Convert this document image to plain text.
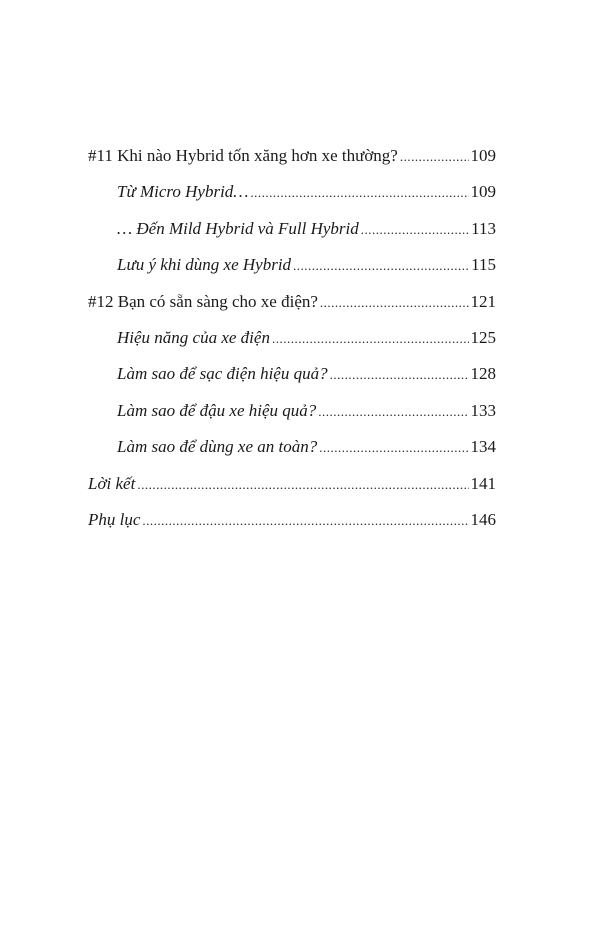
#11 Khi nào Hybrid tốn xăng hơn xe thường? .....	109
Từ Micro Hybrid… .....	109
… Đến Mild Hybrid và Full Hybrid .....	113
Lưu ý khi dùng xe Hybrid .....	115
#12 Bạn có sẵn sàng cho xe điện? .....	121
Hiệu năng của xe điện .....	125
Làm sao để sạc điện hiệu quả? .....	128
Làm sao để đậu xe hiệu quả? .....	133
Làm sao để dùng xe an toàn? .....	134
Lời kết .....	141
Phụ lục .....	146
